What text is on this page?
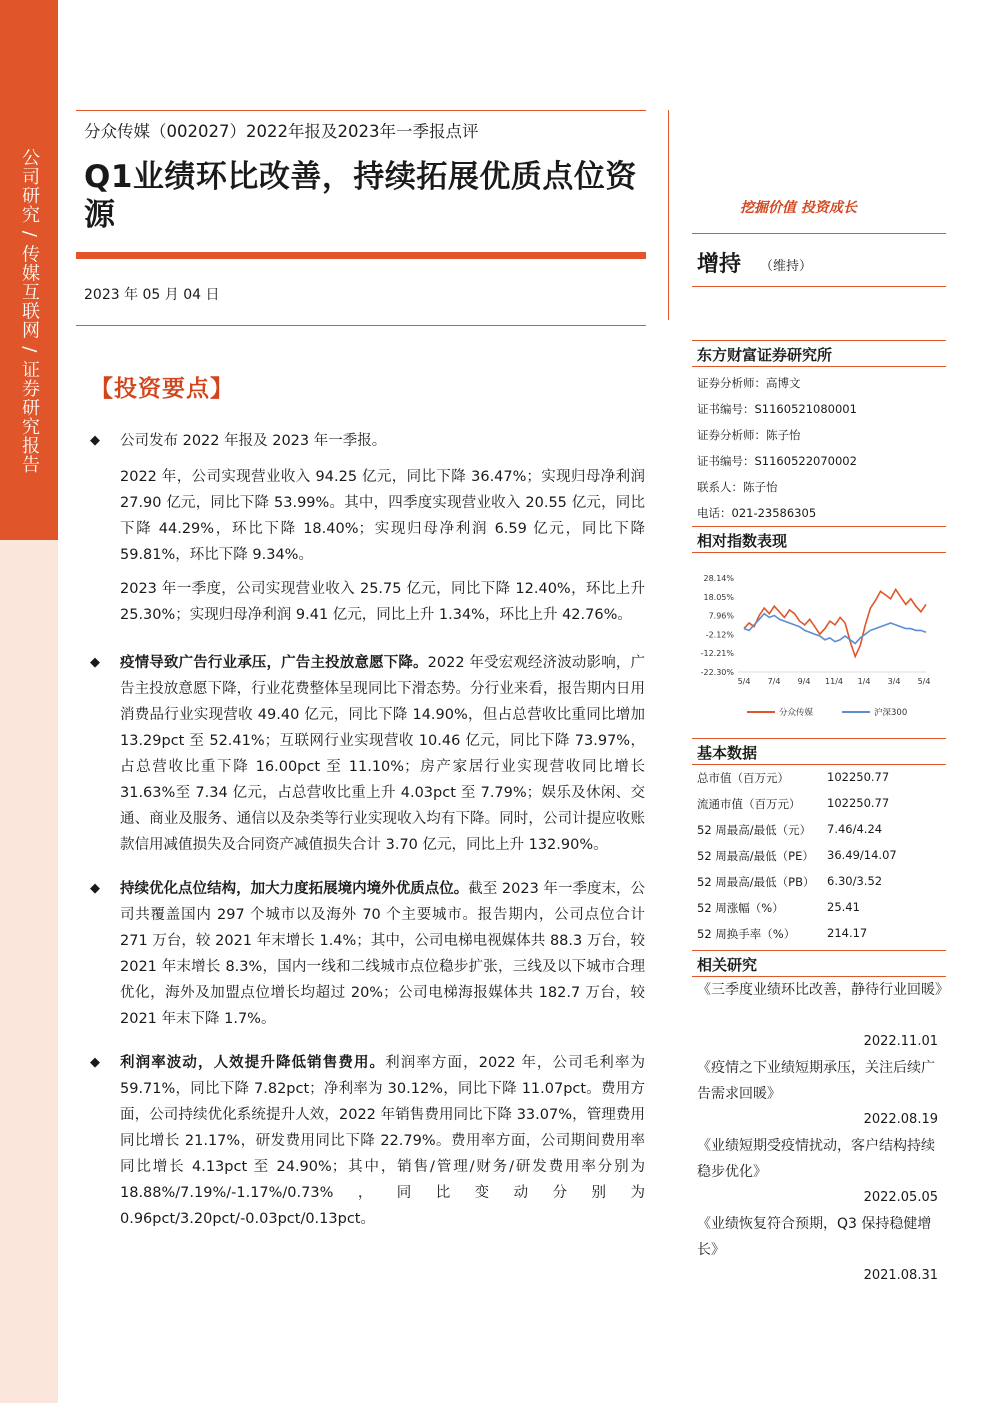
公司研究 / 传媒互联网 / 证券研究报告
分众传媒（002027）2022年报及2023年一季报点评
Q1业绩环比改善，持续拓展优质点位资源
2023 年 05 月 04 日
【投资要点】

◆ 公司发布 2022 年报及 2023 年一季报。

2022 年，公司实现营业收入 94.25 亿元，同比下降 36.47%；实现归母净利润 27.90 亿元，同比下降 53.99%。其中，四季度实现营业收入 20.55 亿元，同比下降 44.29%，环比下降 18.40%；实现归母净利润 6.59 亿元，同比下降 59.81%，环比下降 9.34%。

2023 年一季度，公司实现营业收入 25.75 亿元，同比下降 12.40%，环比上升 25.30%；实现归母净利润 9.41 亿元，同比上升 1.34%，环比上升 42.76%。

◆ 疫情导致广告行业承压，广告主投放意愿下降。2022 年受宏观经济波动影响，广告主投放意愿下降，行业花费整体呈现同比下滑态势。分行业来看，报告期内日用消费品行业实现营收 49.40 亿元，同比下降 14.90%，但占总营收比重同比增加 13.29pct 至 52.41%；互联网行业实现营收 10.46 亿元，同比下降 73.97%，占总营收比重下降 16.00pct 至 11.10%；房产家居行业实现营收同比增长 31.63%至 7.34 亿元，占总营收比重上升 4.03pct 至 7.79%；娱乐及休闲、交通、商业及服务、通信以及杂类等行业实现收入均有下降。同时，公司计提应收账款信用减值损失及合同资产减值损失合计 3.70 亿元，同比上升 132.90%。

◆ 持续优化点位结构，加大力度拓展境内境外优质点位。截至 2023 年一季度末，公司共覆盖国内 297 个城市以及海外 70 个主要城市。报告期内，公司点位合计 271 万台，较 2021 年末增长 1.4%；其中，公司电梯电视媒体共 88.3 万台，较 2021 年末增长 8.3%，国内一线和二线城市点位稳步扩张，三线及以下城市合理优化，海外及加盟点位增长均超过 20%；公司电梯海报媒体共 182.7 万台，较 2021 年末下降 1.7%。

◆ 利润率波动，人效提升降低销售费用。利润率方面，2022 年，公司毛利率为 59.71%，同比下降 7.82pct；净利率为 30.12%，同比下降 11.07pct。费用方面，公司持续优化系统提升人效，2022 年销售费用同比下降 33.07%，管理费用同比增长 21.17%，研发费用同比下降 22.79%。费用率方面，公司期间费用率同比增长 4.13pct 至 24.90%；其中，销售/管理/财务/研发费用率分别为 18.88%/7.19%/-1.17%/0.73%，同比变动分别为 0.96pct/3.20pct/-0.03pct/0.13pct。

挖掘价值 投资成长
增持 （维持）
东方财富证券研究所
证券分析师：高博文
证书编号：S1160521080001
证券分析师：陈子怡
证书编号：S1160522070002
联系人：陈子怡
电话：021-23586305
相对指数表现
28.14%
18.05%
7.96%
-2.12%
-12.21%
-22.30%
5/4 7/4 9/4 11/4 1/4 3/4 5/4
分众传媒	沪深300
基本数据
总市值（百万元）	102250.77
流通市值（百万元） 102250.77
52 周最高/最低（元） 7.46/4.24
52 周最高/最低（PE） 36.49/14.07
52 周最高/最低（PB） 6.30/3.52
52 周涨幅（%）	25.41
52 周换手率（%）	214.17
相关研究
《三季度业绩环比改善，静待行业回暖》
2022.11.01
《疫情之下业绩短期承压，关注后续广告需求回暖》
2022.08.19
《业绩短期受疫情扰动，客户结构持续稳步优化》
2022.05.05
《业绩恢复符合预期，Q3 保持稳健增长》
2021.08.31
